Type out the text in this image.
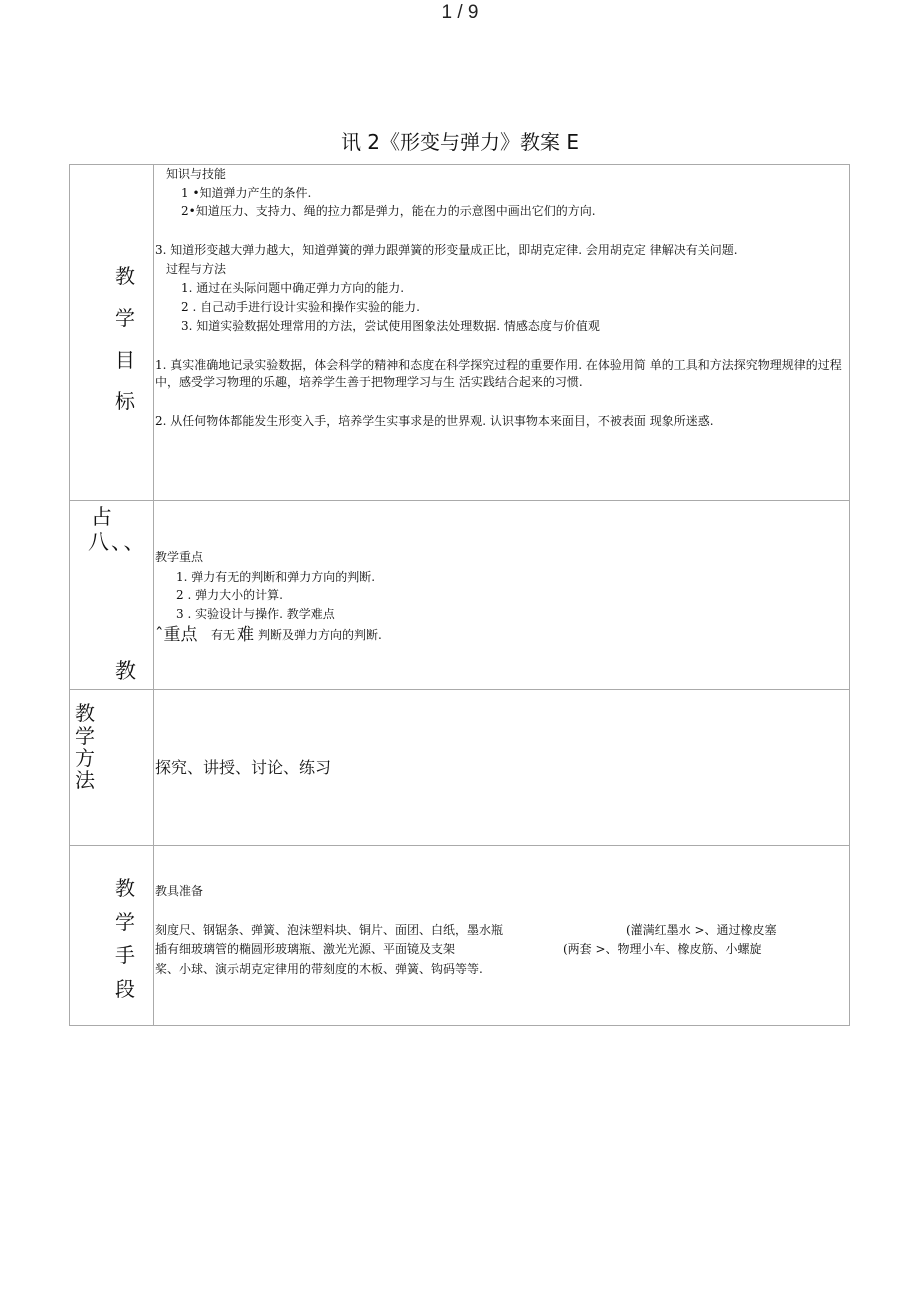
1 / 9
讯 2《形变与弹力》教案 E
教
学
目
标
知识与技能
1 •知道弹力产生的条件.
2•知道压力、支持力、绳的拉力都是弹力，能在力的示意图中画出它们的方向.
3. 知道形变越大弹力越大，知道弹簧的弹力跟弹簧的形变量成正比，即胡克定律. 会用胡克定 律解决有关问题.
过程与方法
1. 通过在头际问题中确疋弹力方向的能力.
2 . 自己动手进行设计实验和操作实验的能力.
3. 知道实验数据处理常用的方法，尝试使用图象法处理数据. 情感态度与价值观
1. 真实准确地记录实验数据，体会科学的精神和态度在科学探究过程的重要作用. 在体验用简 单的工具和方法探究物理规律的过程中，感受学习物理的乐趣，培养学生善于把物理学习与生 活实践结合起来的习惯.
2. 从任何物体都能发生形变入手，培养学生实事求是的世界观. 认识事物本来面目，不被表面 现象所迷惑.
占
八、、
教
教学重点
1. 弹力有无的判断和弹力方向的判断.
2 . 弹力大小的计算.
3 . 实验设计与操作. 教学难点
ˆ重点 有无 难 判断及弹力方向的判断.
教
学
方
法
探究、讲授、讨论、练习
教
学
手
段
教具准备
刻度尺、钢锯条、弹簧、泡沫塑料块、铜片、面团、白纸，墨水瓶	(灌满红墨水 >、通过橡皮塞
插有细玻璃管的椭圆形玻璃瓶、激光光源、平面镜及支架	(两套 >、物理小车、橡皮筋、小螺旋
桨、小球、演示胡克定律用的带刻度的木板、弹簧、钩码等等.
